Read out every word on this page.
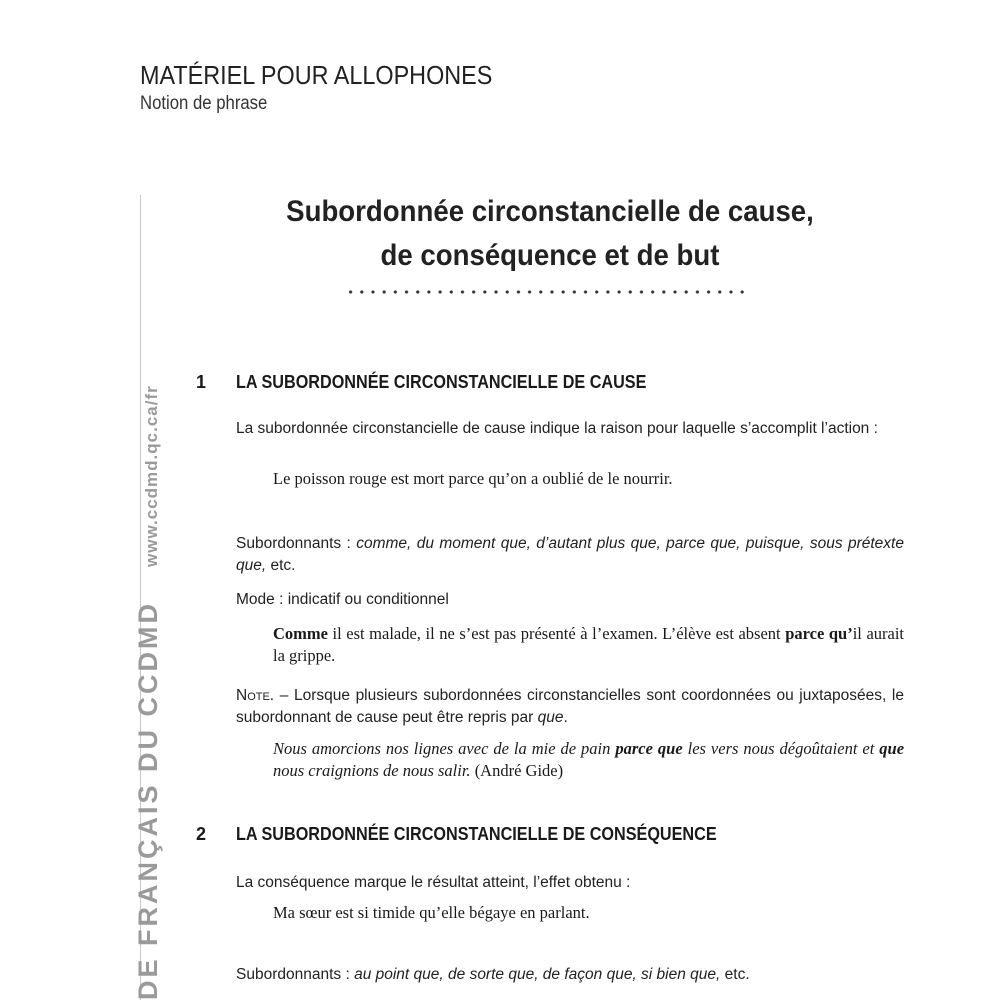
MATÉRIEL POUR ALLOPHONES
Notion de phrase
DE FRANÇAIS DU CCDMDwww.ccdmd.qc.ca/fr
Subordonnée circonstancielle de cause,
de conséquence et de but
1 LA SUBORDONNÉE CIRCONSTANCIELLE DE CAUSE
La subordonnée circonstancielle de cause indique la raison pour laquelle s’accomplit l’action :
Le poisson rouge est mort parce qu’on a oublié de le nourrir.
Subordonnants : comme, du moment que, d’autant plus que, parce que, puisque, sous prétexte que, etc.
Mode : indicatif ou conditionnel
Comme il est malade, il ne s’est pas présenté à l’examen. L’élève est absent parce qu’il aurait la grippe.
Note. – Lorsque plusieurs subordonnées circonstancielles sont coordonnées ou juxtaposées, le subordonnant de cause peut être repris par que.
Nous amorcions nos lignes avec de la mie de pain parce que les vers nous dégoûtaient et que nous craignions de nous salir. (André Gide)
2 LA SUBORDONNÉE CIRCONSTANCIELLE DE CONSÉQUENCE
La conséquence marque le résultat atteint, l’effet obtenu :
Ma sœur est si timide qu’elle bégaye en parlant.
Subordonnants : au point que, de sorte que, de façon que, si bien que, etc.
